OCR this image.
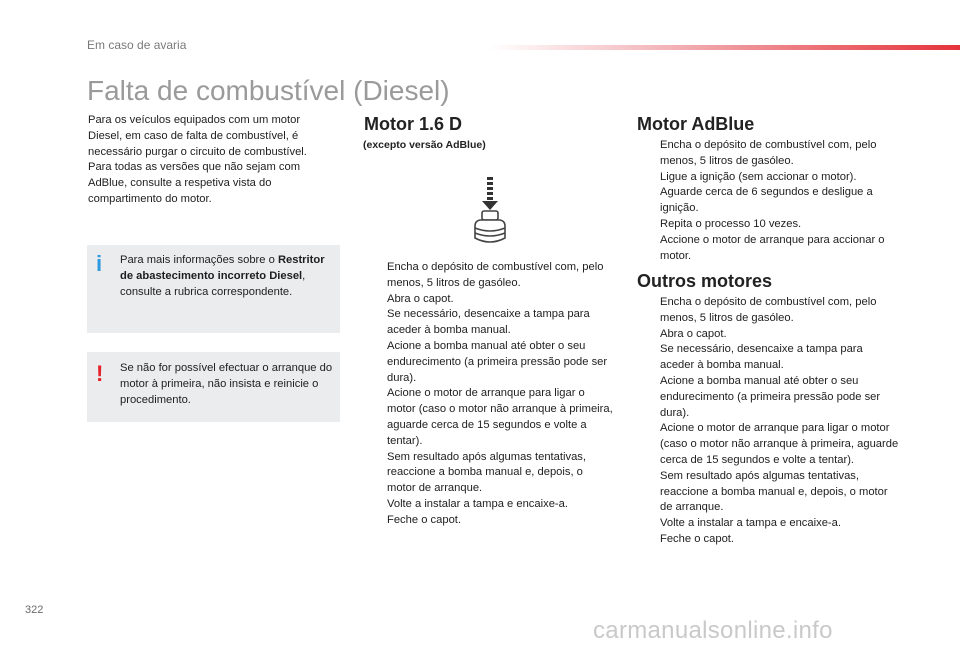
Em caso de avaria
Falta de combustível (Diesel)
Para os veículos equipados com um motor Diesel, em caso de falta de combustível, é necessário purgar o circuito de combustível. Para todas as versões que não sejam com AdBlue, consulte a respetiva vista do compartimento do motor.
i Para mais informações sobre o Restritor de abastecimento incorreto Diesel, consulte a rubrica correspondente.
! Se não for possível efectuar o arranque do motor à primeira, não insista e reinicie o procedimento.
Motor 1.6 D
(excepto versão AdBlue)
Encha o depósito de combustível com, pelo menos, 5 litros de gasóleo.
Abra o capot.
Se necessário, desencaixe a tampa para aceder à bomba manual.
Acione a bomba manual até obter o seu endurecimento (a primeira pressão pode ser dura).
Acione o motor de arranque para ligar o motor (caso o motor não arranque à primeira, aguarde cerca de 15 segundos e volte a tentar).
Sem resultado após algumas tentativas, reaccione a bomba manual e, depois, o motor de arranque.
Volte a instalar a tampa e encaixe-a.
Feche o capot.
Motor AdBlue
Encha o depósito de combustível com, pelo menos, 5 litros de gasóleo.
Ligue a ignição (sem accionar o motor).
Aguarde cerca de 6 segundos e desligue a ignição.
Repita o processo 10 vezes.
Accione o motor de arranque para accionar o motor.
Outros motores
Encha o depósito de combustível com, pelo menos, 5 litros de gasóleo.
Abra o capot.
Se necessário, desencaixe a tampa para aceder à bomba manual.
Acione a bomba manual até obter o seu endurecimento (a primeira pressão pode ser dura).
Acione o motor de arranque para ligar o motor (caso o motor não arranque à primeira, aguarde cerca de 15 segundos e volte a tentar).
Sem resultado após algumas tentativas, reaccione a bomba manual e, depois, o motor de arranque.
Volte a instalar a tampa e encaixe-a.
Feche o capot.
322
carmanualsonline.info
